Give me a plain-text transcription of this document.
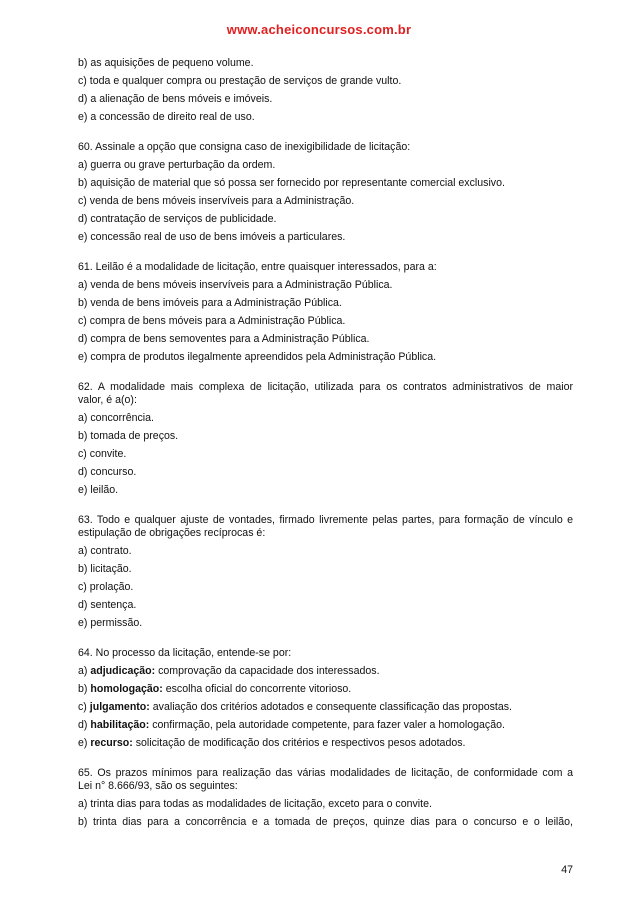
www.acheiconcursos.com.br
b) as aquisições de pequeno volume.
c) toda e qualquer compra ou prestação de serviços de grande vulto.
d) a alienação de bens móveis e imóveis.
e) a concessão de direito real de uso.
60. Assinale a opção que consigna caso de inexigibilidade de licitação:
a) guerra ou grave perturbação da ordem.
b) aquisição de material que só possa ser fornecido por representante comercial exclusivo.
c) venda de bens móveis inservíveis para a Administração.
d) contratação de serviços de publicidade.
e) concessão real de uso de bens imóveis a particulares.
61. Leilão é a modalidade de licitação, entre quaisquer interessados, para a:
a) venda de bens móveis inservíveis para a Administração Pública.
b) venda de bens imóveis para a Administração Pública.
c) compra de bens móveis para a Administração Pública.
d) compra de bens semoventes para a Administração Pública.
e) compra de produtos ilegalmente apreendidos pela Administração Pública.
62. A modalidade mais complexa de licitação, utilizada para os contratos administrativos de maior
valor, é a(o):
a) concorrência.
b) tomada de preços.
c) convite.
d) concurso.
e) leilão.
63. Todo e qualquer ajuste de vontades, firmado livremente pelas partes, para formação de vínculo e
estipulação de obrigações recíprocas é:
a) contrato.
b) licitação.
c) prolação.
d) sentença.
e) permissão.
64. No processo da licitação, entende-se por:
a) adjudicação: comprovação da capacidade dos interessados.
b) homologação: escolha oficial do concorrente vitorioso.
c) julgamento: avaliação dos critérios adotados e consequente classificação das propostas.
d) habilitação: confirmação, pela autoridade competente, para fazer valer a homologação.
e) recurso: solicitação de modificação dos critérios e respectivos pesos adotados.
65. Os prazos mínimos para realização das várias modalidades de licitação, de conformidade com a
Lei n° 8.666/93, são os seguintes:
a) trinta dias para todas as modalidades de licitação, exceto para o convite.
b) trinta dias para a concorrência e a tomada de preços, quinze dias para o concurso e o leilão,
47
